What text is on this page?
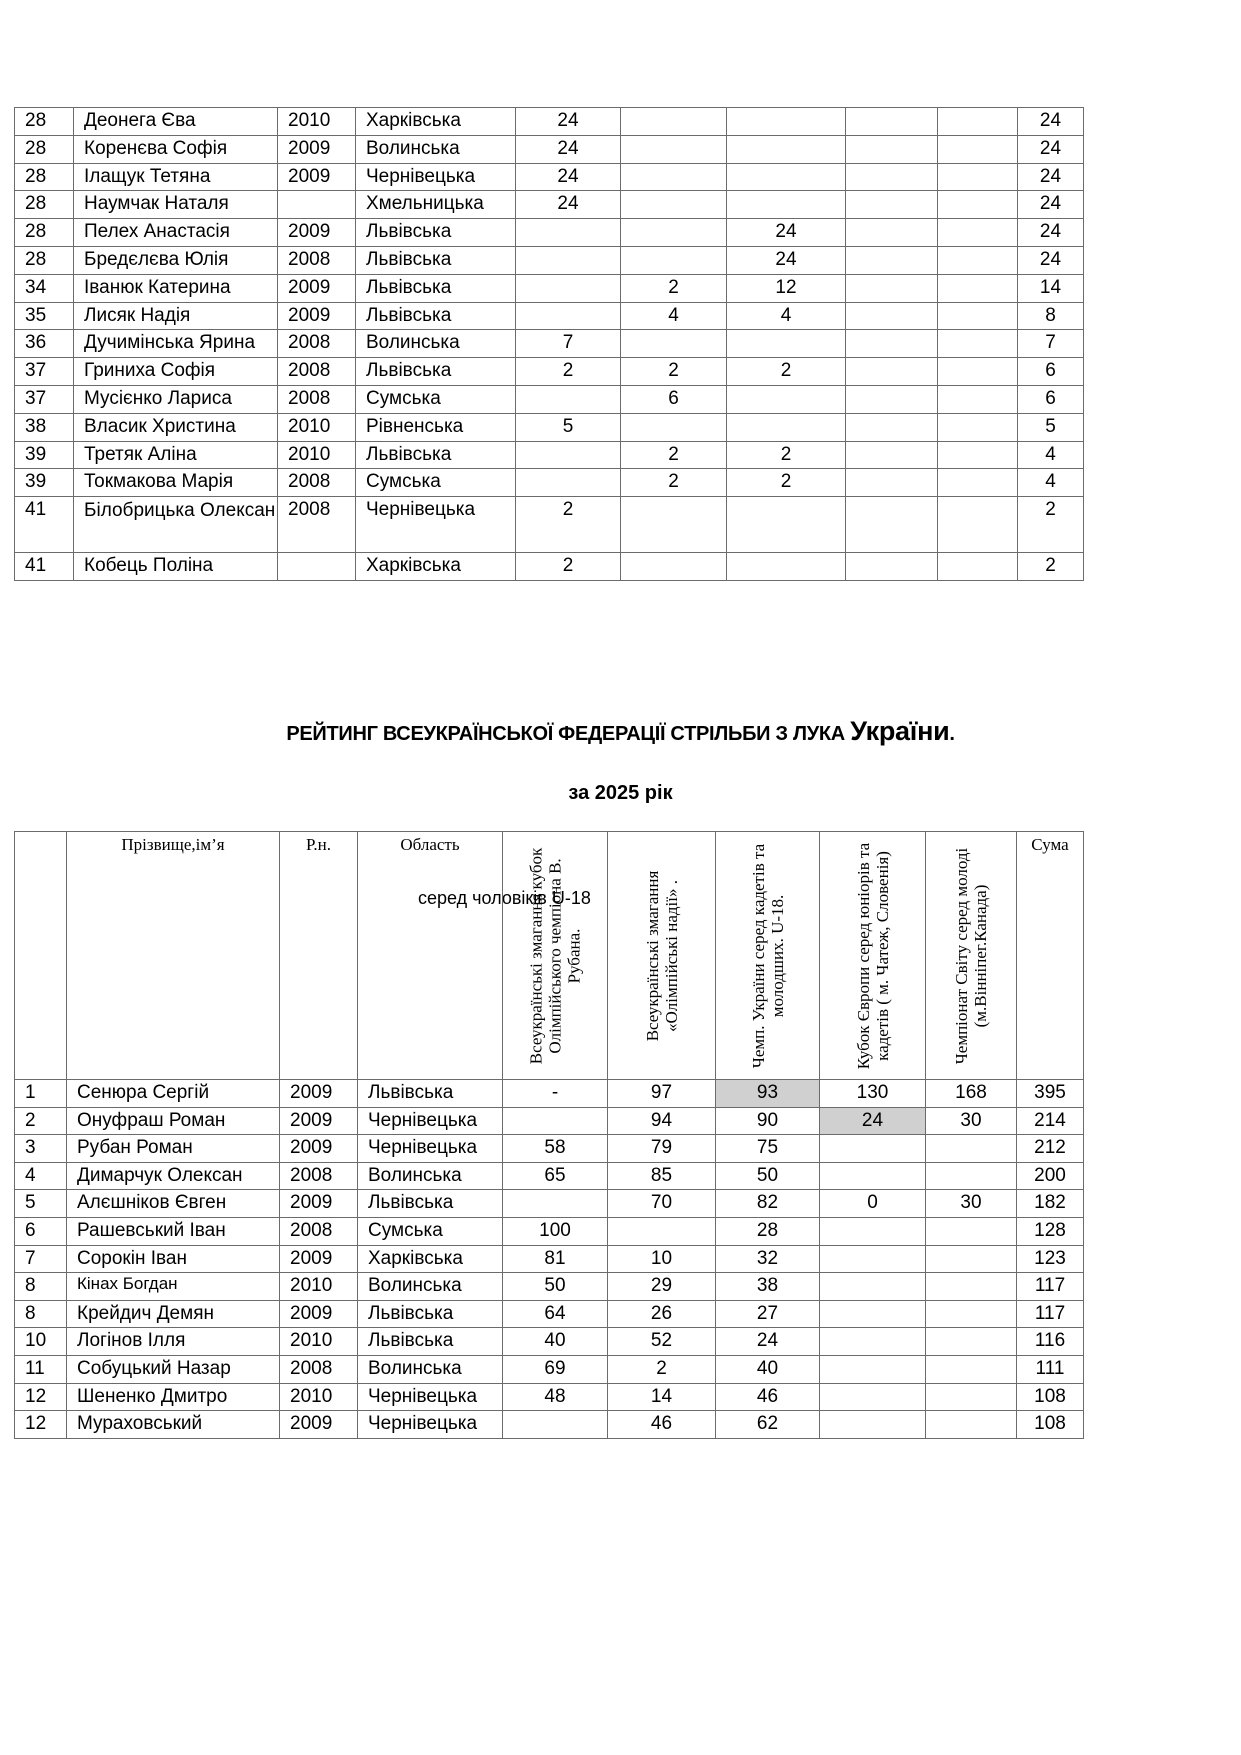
28	Деонега Єва	2010	Харківська	24					24
28	Коренєва Софія	2009	Волинська	24					24
28	Ілащук Тетяна	2009	Чернівецька	24					24
28	Наумчак Наталя		Хмельницька	24					24
28	Пелех Анастасія	2009	Львівська			24			24
28	Бредєлєва Юлія	2008	Львівська			24			24
34	Іванюк Катерина	2009	Львівська		2	12			14
35	Лисяк Надія	2009	Львівська		4	4			8
36	Дучимінська Ярина	2008	Волинська	7					7
37	Гриниха Софія	2008	Львівська	2	2	2			6
37	Мусієнко Лариса	2008	Сумська		6				6
38	Власик Христина	2010	Рівненська	5					5
39	Третяк Аліна	2010	Львівська		2	2			4
39	Токмакова Марія	2008	Сумська		2	2			4
41	Білобрицька Олексан	2008	Чернівецька	2					2
41	Кобець Поліна		Харківська	2					2
РЕЙТИНГ ВСЕУКРАЇНСЬКОЇ ФЕДЕРАЦІЇ СТРІЛЬБИ З ЛУКА України.
за 2025 рік
серед чоловіків U-18
	Прізвище,ім’я	Р.н.	Область	Всеукраїнські змагання кубок Олімпійського чемпіона В. Рубана.	Всеукраїнські змагання «Олімпійські надії» .	Чемп. України серед кадетів та молодших. U-18.	Кубок Європи серед юніорів та кадетів ( м. Чатеж, Словенія)	Чемпіонат Світу серед молоді (м.Вінніпег.Канада)	Сума
1	Сенюра Сергій	2009	Львівська	-	97	93	130	168	395
2	Онуфраш Роман	2009	Чернівецька		94	90	24	30	214
3	Рубан Роман	2009	Чернівецька	58	79	75			212
4	Димарчук Олексан	2008	Волинська	65	85	50			200
5	Алєшніков Євген	2009	Львівська		70	82	0	30	182
6	Рашевський Іван	2008	Сумська	100		28			128
7	Сорокін Іван	2009	Харківська	81	10	32			123
8	Кінах Богдан	2010	Волинська	50	29	38			117
8	Крейдич Демян	2009	Львівська	64	26	27			117
10	Логінов Ілля	2010	Львівська	40	52	24			116
11	Собуцький Назар	2008	Волинська	69	2	40			111
12	Шененко Дмитро	2010	Чернівецька	48	14	46			108
12	Мураховський	2009	Чернівецька		46	62			108
